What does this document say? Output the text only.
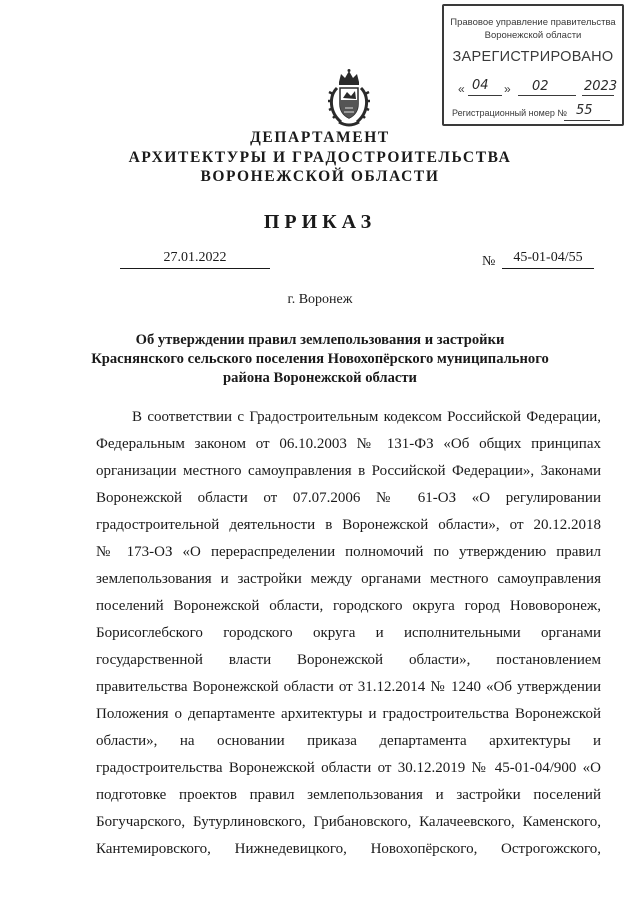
Правовое управление правительства
Воронежской области
ЗАРЕГИСТРИРОВАНО
« 04 » 02	2023
Регистрационный номер № 55
ДЕПАРТАМЕНТ
АРХИТЕКТУРЫ И ГРАДОСТРОИТЕЛЬСТВА
ВОРОНЕЖСКОЙ ОБЛАСТИ
ПРИКАЗ
27.01.2022	№	45-01-04/55
г. Воронеж
Об утверждении правил землепользования и застройки
Краснянского сельского поселения Новохопёрского муниципального
района Воронежской области
В соответствии с Градостроительным кодексом Российской Федерации,
Федеральным законом от 06.10.2003 № 131-ФЗ «Об общих принципах
организации местного самоуправления в Российской Федерации», Законами
Воронежской области от 07.07.2006 № 61-ОЗ «О регулировании
градостроительной деятельности в Воронежской области», от 20.12.2018
№ 173-ОЗ «О перераспределении полномочий по утверждению правил
землепользования и застройки между органами местного самоуправления
поселений Воронежской области, городского округа город Нововоронеж,
Борисоглебского городского округа и исполнительными органами
государственной власти Воронежской области», постановлением
правительства Воронежской области от 31.12.2014 № 1240 «Об утверждении
Положения о департаменте архитектуры и градостроительства Воронежской
области», на основании приказа департамента архитектуры и
градостроительства Воронежской области от 30.12.2019 № 45-01-04/900 «О
подготовке проектов правил землепользования и застройки поселений
Богучарского, Бутурлиновского, Грибановского, Калачеевского, Каменского,
Кантемировского, Нижнедевицкого, Новохопёрского, Острогожского,
